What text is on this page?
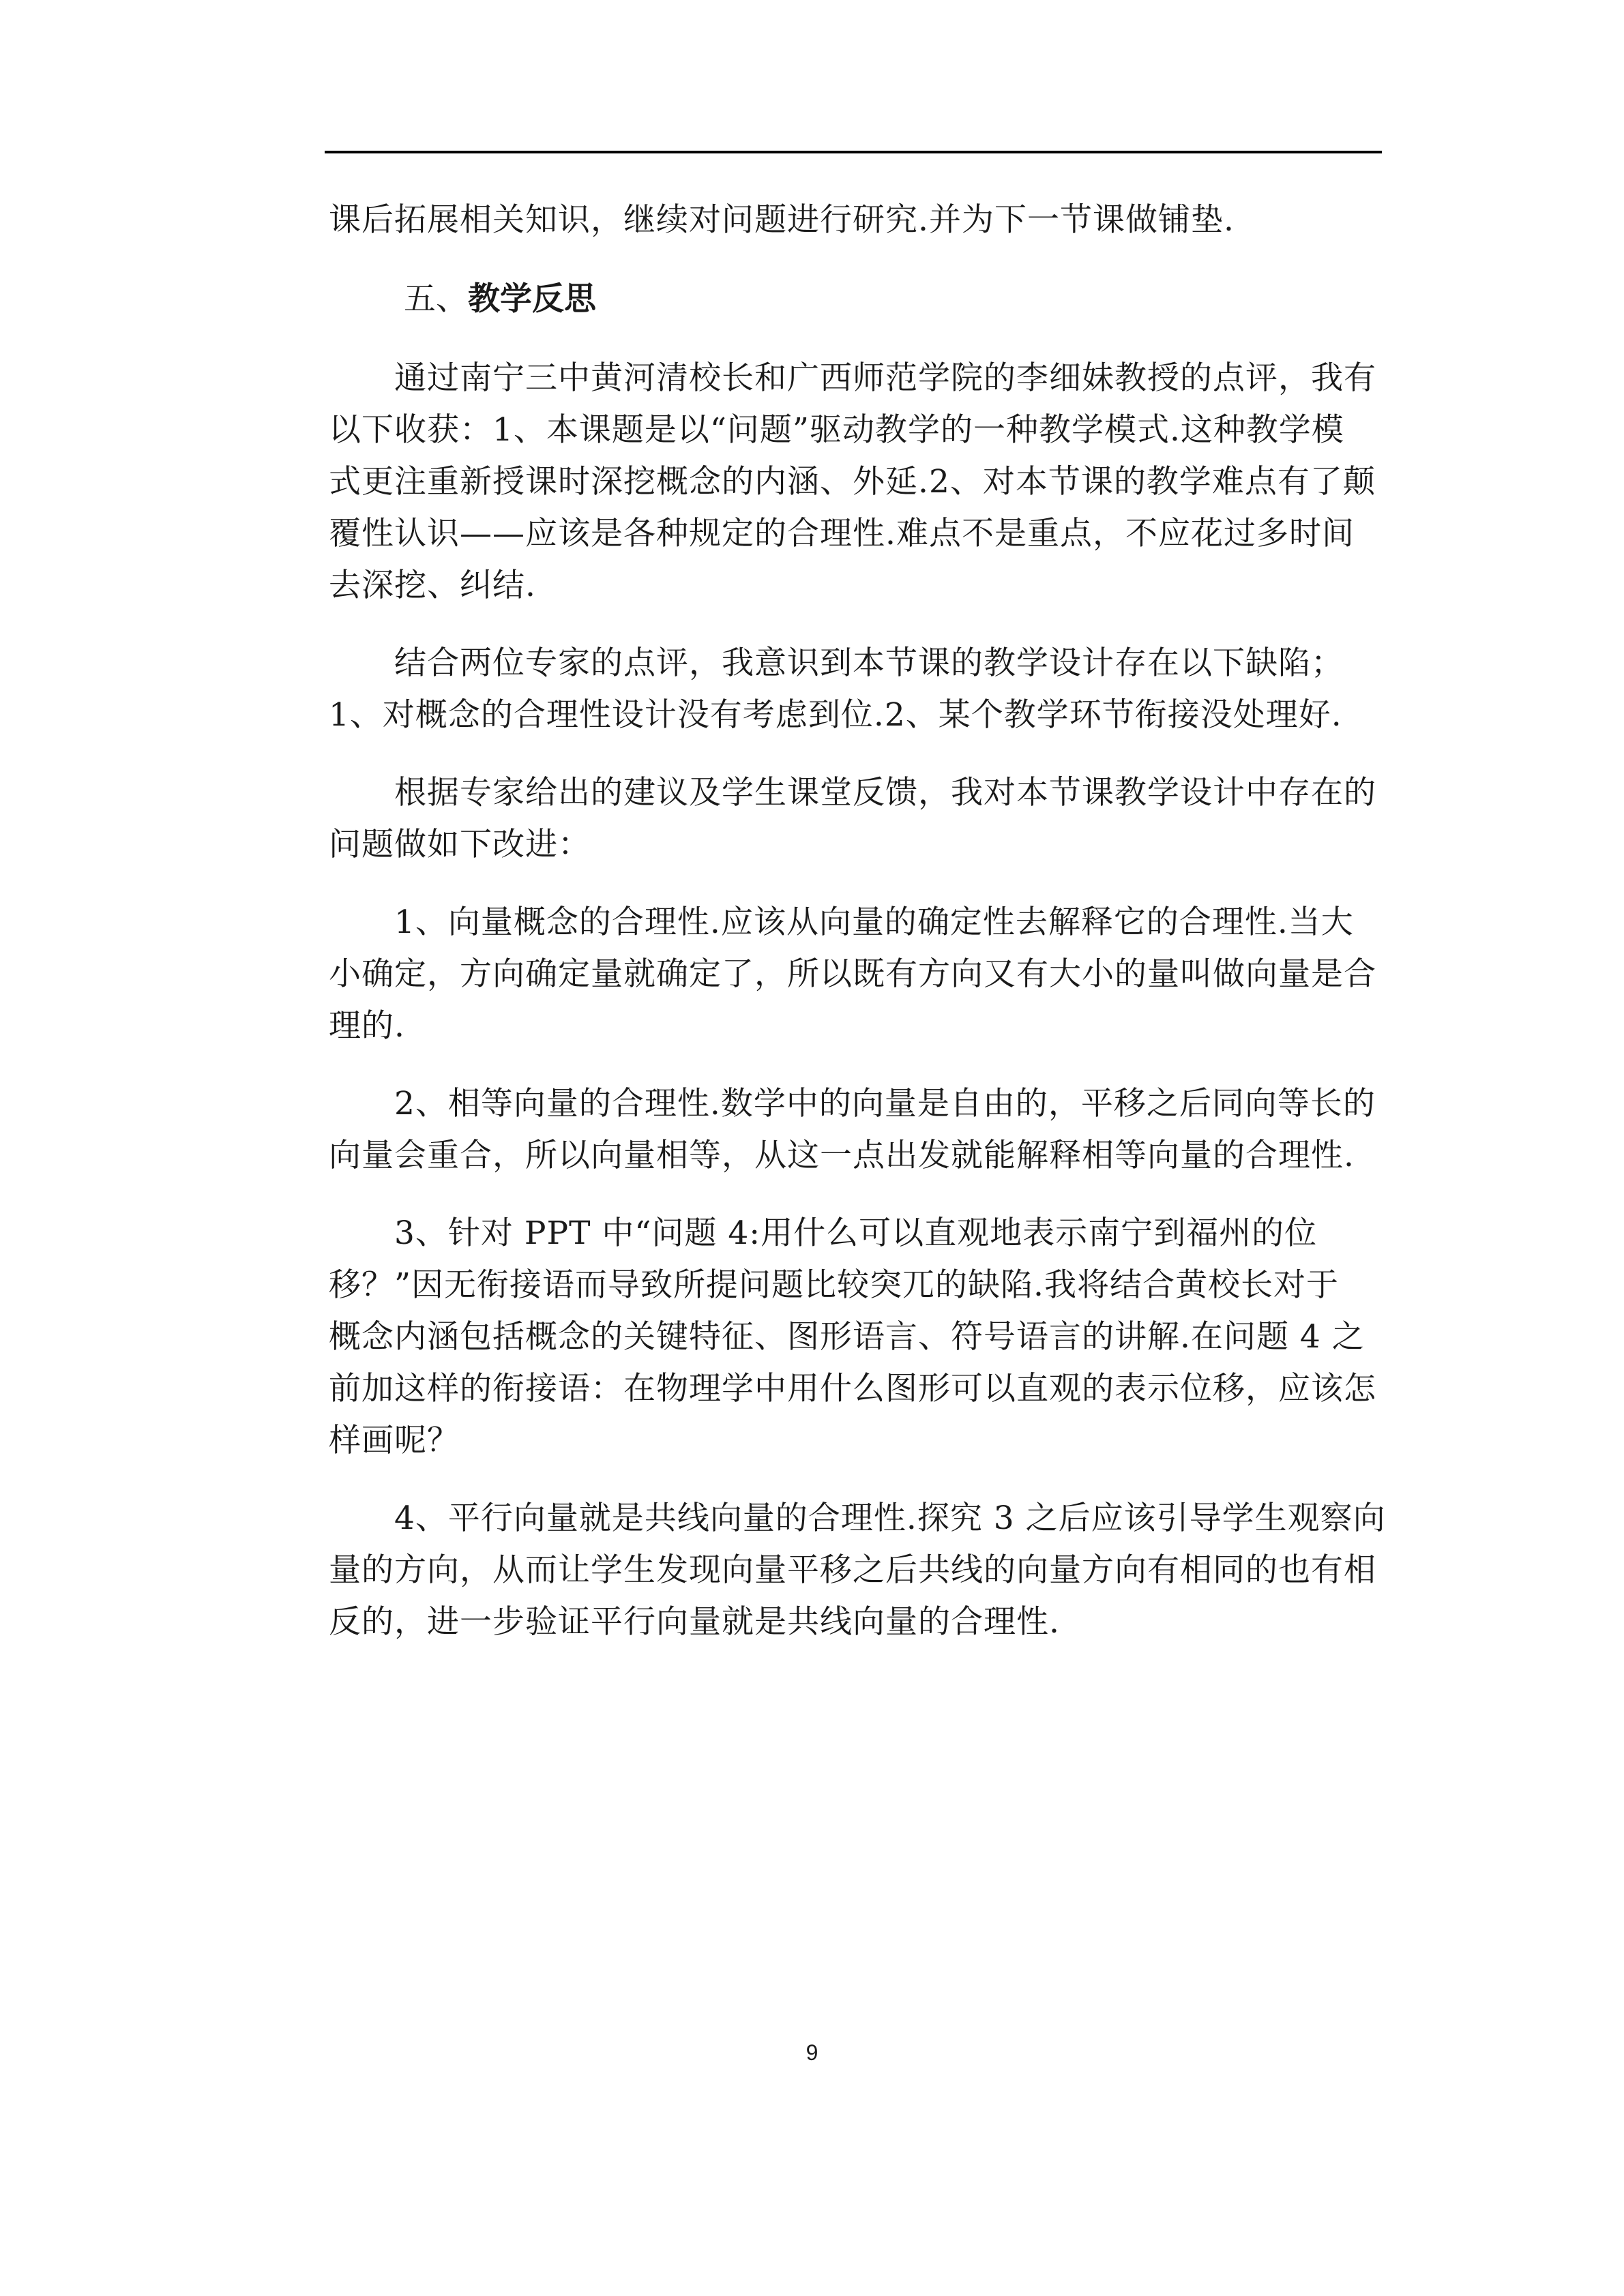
课后拓展相关知识，继续对问题进行研究.并为下一节课做铺垫.

五、教学反思

通过南宁三中黄河清校长和广西师范学院的李细妹教授的点评，我有
以下收获：1、本课题是以“问题”驱动教学的一种教学模式.这种教学模
式更注重新授课时深挖概念的内涵、外延.2、对本节课的教学难点有了颠
覆性认识——应该是各种规定的合理性.难点不是重点，不应花过多时间
去深挖、纠结.

结合两位专家的点评，我意识到本节课的教学设计存在以下缺陷；
1、对概念的合理性设计没有考虑到位.2、某个教学环节衔接没处理好.

根据专家给出的建议及学生课堂反馈，我对本节课教学设计中存在的
问题做如下改进：

1、向量概念的合理性.应该从向量的确定性去解释它的合理性.当大
小确定，方向确定量就确定了，所以既有方向又有大小的量叫做向量是合
理的.

2、相等向量的合理性.数学中的向量是自由的，平移之后同向等长的
向量会重合，所以向量相等，从这一点出发就能解释相等向量的合理性.

3、针对 PPT 中“问题 4:用什么可以直观地表示南宁到福州的位
移？”因无衔接语而导致所提问题比较突兀的缺陷.我将结合黄校长对于
概念内涵包括概念的关键特征、图形语言、符号语言的讲解.在问题 4 之
前加这样的衔接语：在物理学中用什么图形可以直观的表示位移，应该怎
样画呢？

4、平行向量就是共线向量的合理性.探究 3 之后应该引导学生观察向
量的方向，从而让学生发现向量平移之后共线的向量方向有相同的也有相
反的，进一步验证平行向量就是共线向量的合理性.

9
